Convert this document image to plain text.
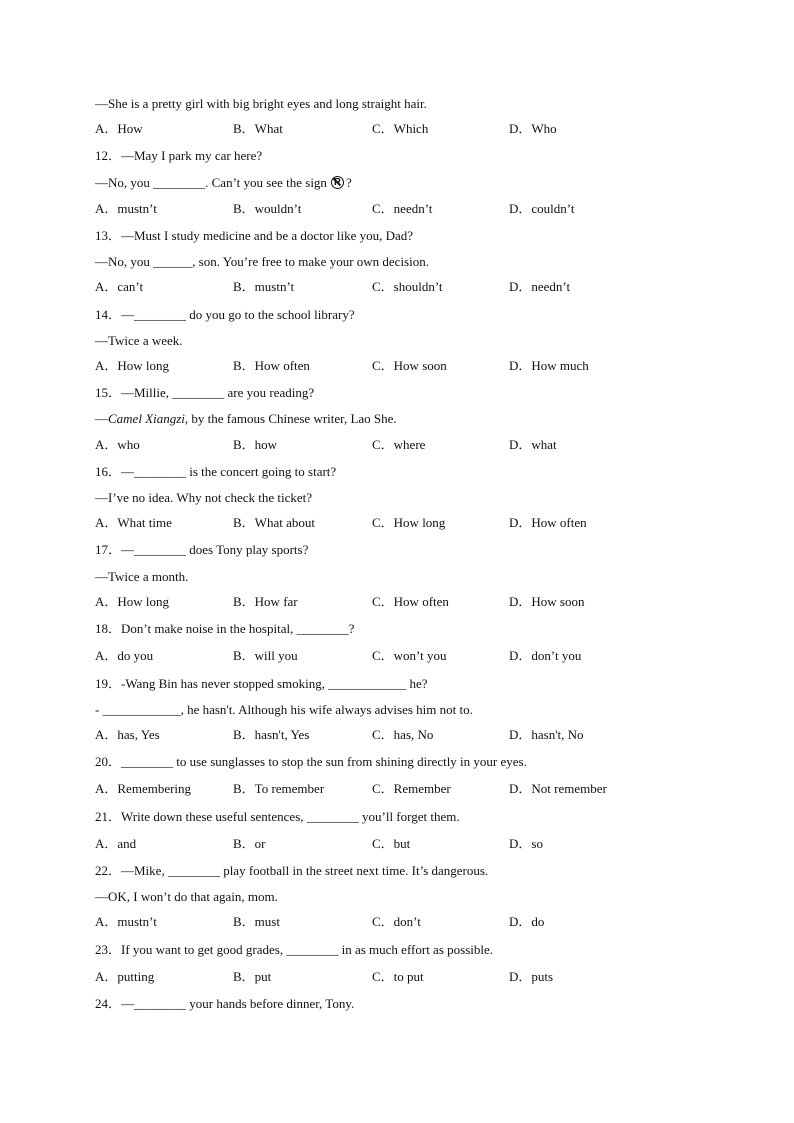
—She is a pretty girl with big bright eyes and long straight hair.
A．How	B．What	C．Which	D．Who
12．—May I park my car here?
—No, you ________. Can’t you see the signP ?
A．mustn’t	B．wouldn’t	C．needn’t	D．couldn’t
13．—Must I study medicine and be a doctor like you, Dad?
—No, you ______, son. You’re free to make your own decision.
A．can’t	B．mustn’t	C．shouldn’t	D．needn’t
14．—________ do you go to the school library?
—Twice a week.
A．How long	B．How often	C．How soon	D．How much
15．—Millie, ________ are you reading?
—Camel Xiangzi, by the famous Chinese writer, Lao She.
A．who	B．how	C．where	D．what
16．—________ is the concert going to start?
—I’ve no idea. Why not check the ticket?
A．What time	B．What about	C．How long	D．How often
17．—________ does Tony play sports?
—Twice a month.
A．How long	B．How far	C．How often	D．How soon
18．Don’t make noise in the hospital, ________?
A．do you	B．will you	C．won’t you	D．don’t you
19．-Wang Bin has never stopped smoking, ____________ he?
- ____________, he hasn't. Although his wife always advises him not to.
A．has, Yes	B．hasn't, Yes	C．has, No	D．hasn't, No
20．________ to use sunglasses to stop the sun from shining directly in your eyes.
A．Remembering	B．To remember	C．Remember	D．Not remember
21．Write down these useful sentences, ________ you’ll forget them.
A．and	B．or	C．but	D．so
22．—Mike, ________ play football in the street next time. It’s dangerous.
—OK, I won’t do that again, mom.
A．mustn’t	B．must	C．don’t	D．do
23．If you want to get good grades, ________ in as much effort as possible.
A．putting	B．put	C．to put	D．puts
24．—________ your hands before dinner, Tony.
